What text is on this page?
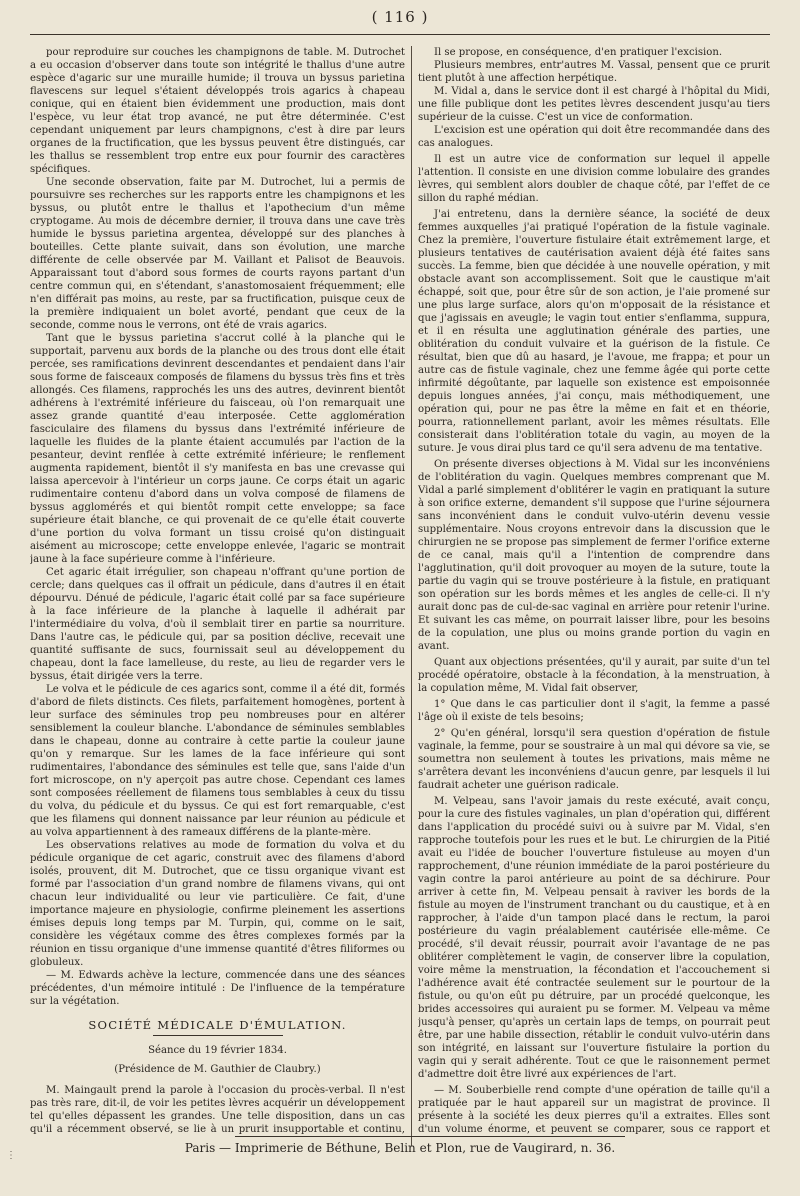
( 116 )

pour reproduire sur couches les champignons de table. M. Dutrochet a eu occasion d'observer dans toute son intégrité le thallus d'une autre espèce d'agaric sur une muraille humide; il trouva un byssus parietina flavescens sur lequel s'étaient développés trois agarics à chapeau conique, qui en étaient bien évidemment une production, mais dont l'espèce, vu leur état trop avancé, ne put être déterminée. C'est cependant uniquement par leurs champignons, c'est à dire par leurs organes de la fructification, que les byssus peuvent être distingués, car les thallus se ressemblent trop entre eux pour fournir des caractères spécifiques.

Une seconde observation, faite par M. Dutrochet, lui a permis de poursuivre ses recherches sur les rapports entre les champignons et les byssus, ou plutôt entre le thallus et l'apothecium d'un même cryptogame. Au mois de décembre dernier, il trouva dans une cave très humide le byssus parietina argentea, développé sur des planches à bouteilles. Cette plante suivait, dans son évolution, une marche différente de celle observée par M. Vaillant et Palisot de Beauvois. Apparaissant tout d'abord sous formes de courts rayons partant d'un centre commun qui, en s'étendant, s'anastomosaient fréquemment; elle n'en différait pas moins, au reste, par sa fructification, puisque ceux de la première indiquaient un bolet avorté, pendant que ceux de la seconde, comme nous le verrons, ont été de vrais agarics.

Tant que le byssus parietina s'accrut collé à la planche qui le supportait, parvenu aux bords de la planche ou des trous dont elle était percée, ses ramifications devinrent descendantes et pendaient dans l'air sous forme de faisceaux composés de filamens du byssus très fins et très allongés. Ces filamens, rapprochés les uns des autres, devinrent bientôt adhérens à l'extrémité inférieure du faisceau, où l'on remarquait une assez grande quantité d'eau interposée. Cette agglomération fasciculaire des filamens du byssus dans l'extrémité inférieure de laquelle les fluides de la plante étaient accumulés par l'action de la pesanteur, devint renflée à cette extrémité inférieure; le renflement augmenta rapidement, bientôt il s'y manifesta en bas une crevasse qui laissa apercevoir à l'intérieur un corps jaune. Ce corps était un agaric rudimentaire contenu d'abord dans un volva composé de filamens de byssus agglomérés et qui bientôt rompit cette enveloppe; sa face supérieure était blanche, ce qui provenait de ce qu'elle était couverte d'une portion du volva formant un tissu croisé qu'on distinguait aisément au microscope; cette enveloppe enlevée, l'agaric se montrait jaune à la face supérieure comme à l'inférieure.

Cet agaric était irrégulier, son chapeau n'offrant qu'une portion de cercle; dans quelques cas il offrait un pédicule, dans d'autres il en était dépourvu. Dénué de pédicule, l'agaric était collé par sa face supérieure à la face inférieure de la planche à laquelle il adhérait par l'intermédiaire du volva, d'où il semblait tirer en partie sa nourriture. Dans l'autre cas, le pédicule qui, par sa position déclive, recevait une quantité suffisante de sucs, fournissait seul au développement du chapeau, dont la face lamelleuse, du reste, au lieu de regarder vers le byssus, était dirigée vers la terre.

Le volva et le pédicule de ces agarics sont, comme il a été dit, formés d'abord de filets distincts. Ces filets, parfaitement homogènes, portent à leur surface des séminules trop peu nombreuses pour en altérer sensiblement la couleur blanche. L'abondance de séminules semblables dans le chapeau, donne au contraire à cette partie la couleur jaune qu'on y remarque. Sur les lames de la face inférieure qui sont rudimentaires, l'abondance des séminules est telle que, sans l'aide d'un fort microscope, on n'y aperçoit pas autre chose. Cependant ces lames sont composées réellement de filamens tous semblables à ceux du tissu du volva, du pédicule et du byssus. Ce qui est fort remarquable, c'est que les filamens qui donnent naissance par leur réunion au pédicule et au volva appartiennent à des rameaux différens de la plante-mère.

Les observations relatives au mode de formation du volva et du pédicule organique de cet agaric, construit avec des filamens d'abord isolés, prouvent, dit M. Dutrochet, que ce tissu organique vivant est formé par l'association d'un grand nombre de filamens vivans, qui ont chacun leur individualité ou leur vie particulière. Ce fait, d'une importance majeure en physiologie, confirme pleinement les assertions émises depuis long temps par M. Turpin, qui, comme on le sait, considère les végétaux comme des êtres complexes formés par la réunion en tissu organique d'une immense quantité d'êtres filiformes ou globuleux.

— M. Edwards achève la lecture, commencée dans une des séances précédentes, d'un mémoire intitulé : De l'influence de la température sur la végétation.

SOCIÉTÉ MÉDICALE D'ÉMULATION.

Séance du 19 février 1834.

(Présidence de M. Gauthier de Claubry.)

M. Maingault prend la parole à l'occasion du procès-verbal. Il n'est pas très rare, dit-il, de voir les petites lèvres acquérir un développement tel qu'elles dépassent les grandes. Une telle disposition, dans un cas qu'il a récemment observé, se lie à un prurit insupportable et continu,

Il se propose, en conséquence, d'en pratiquer l'excision.

Plusieurs membres, entr'autres M. Vassal, pensent que ce prurit tient plutôt à une affection herpétique.

M. Vidal a, dans le service dont il est chargé à l'hôpital du Midi, une fille publique dont les petites lèvres descendent jusqu'au tiers supérieur de la cuisse. C'est un vice de conformation.

L'excision est une opération qui doit être recommandée dans des cas analogues.

Il est un autre vice de conformation sur lequel il appelle l'attention. Il consiste en une division comme lobulaire des grandes lèvres, qui semblent alors doubler de chaque côté, par l'effet de ce sillon du raphé médian.

J'ai entretenu, dans la dernière séance, la société de deux femmes auxquelles j'ai pratiqué l'opération de la fistule vaginale. Chez la première, l'ouverture fistulaire était extrêmement large, et plusieurs tentatives de cautérisation avaient déjà été faites sans succès. La femme, bien que décidée à une nouvelle opération, y mit obstacle avant son accomplissement. Soit que le caustique m'ait échappé, soit que, pour être sûr de son action, je l'aie promené sur une plus large surface, alors qu'on m'opposait de la résistance et que j'agissais en aveugle; le vagin tout entier s'enflamma, suppura, et il en résulta une agglutination générale des parties, une oblitération du conduit vulvaire et la guérison de la fistule. Ce résultat, bien que dû au hasard, je l'avoue, me frappa; et pour un autre cas de fistule vaginale, chez une femme âgée qui porte cette infirmité dégoûtante, par laquelle son existence est empoisonnée depuis longues années, j'ai conçu, mais méthodiquement, une opération qui, pour ne pas être la même en fait et en théorie, pourra, rationnellement parlant, avoir les mêmes résultats. Elle consisterait dans l'oblitération totale du vagin, au moyen de la suture. Je vous dirai plus tard ce qu'il sera advenu de ma tentative.

On présente diverses objections à M. Vidal sur les inconvéniens de l'oblitération du vagin. Quelques membres comprenant que M. Vidal a parlé simplement d'oblitérer le vagin en pratiquant la suture à son orifice externe, demandent s'il suppose que l'urine séjournera sans inconvénient dans le conduit vulvo-utérin devenu vessie supplémentaire. Nous croyons entrevoir dans la discussion que le chirurgien ne se propose pas simplement de fermer l'orifice externe de ce canal, mais qu'il a l'intention de comprendre dans l'agglutination, qu'il doit provoquer au moyen de la suture, toute la partie du vagin qui se trouve postérieure à la fistule, en pratiquant son opération sur les bords mêmes et les angles de celle-ci. Il n'y aurait donc pas de cul-de-sac vaginal en arrière pour retenir l'urine. Et suivant les cas même, on pourrait laisser libre, pour les besoins de la copulation, une plus ou moins grande portion du vagin en avant.

Quant aux objections présentées, qu'il y aurait, par suite d'un tel procédé opératoire, obstacle à la fécondation, à la menstruation, à la copulation même, M. Vidal fait observer,

1° Que dans le cas particulier dont il s'agit, la femme a passé l'âge où il existe de tels besoins;

2° Qu'en général, lorsqu'il sera question d'opération de fistule vaginale, la femme, pour se soustraire à un mal qui dévore sa vie, se soumettra non seulement à toutes les privations, mais même ne s'arrêtera devant les inconvéniens d'aucun genre, par lesquels il lui faudrait acheter une guérison radicale.

M. Velpeau, sans l'avoir jamais du reste exécuté, avait conçu, pour la cure des fistules vaginales, un plan d'opération qui, différent dans l'application du procédé suivi ou à suivre par M. Vidal, s'en rapproche toutefois pour les rues et le but. Le chirurgien de la Pitié avait eu l'idée de boucher l'ouverture fistuleuse au moyen d'un rapprochement, d'une réunion immédiate de la paroi postérieure du vagin contre la paroi antérieure au point de sa déchirure. Pour arriver à cette fin, M. Velpeau pensait à raviver les bords de la fistule au moyen de l'instrument tranchant ou du caustique, et à en rapprocher, à l'aide d'un tampon placé dans le rectum, la paroi postérieure du vagin préalablement cautérisée elle-même. Ce procédé, s'il devait réussir, pourrait avoir l'avantage de ne pas oblitérer complètement le vagin, de conserver libre la copulation, voire même la menstruation, la fécondation et l'accouchement si l'adhérence avait été contractée seulement sur le pourtour de la fistule, ou qu'on eût pu détruire, par un procédé quelconque, les brides accessoires qui auraient pu se former. M. Velpeau va même jusqu'à penser, qu'après un certain laps de temps, on pourrait peut être, par une habile dissection, rétablir le conduit vulvo-utérin dans son intégrité, en laissant sur l'ouverture fistulaire la portion du vagin qui y serait adhérente. Tout ce que le raisonnement permet d'admettre doit être livré aux expériences de l'art.

— M. Souberbielle rend compte d'une opération de taille qu'il a pratiquée par le haut appareil sur un magistrat de province. Il présente à la société les deux pierres qu'il a extraites. Elles sont d'un volume énorme, et peuvent se comparer, sous ce rapport et

Paris — Imprimerie de Béthune, Belin et Plon, rue de Vaugirard, n. 36.
⋮
